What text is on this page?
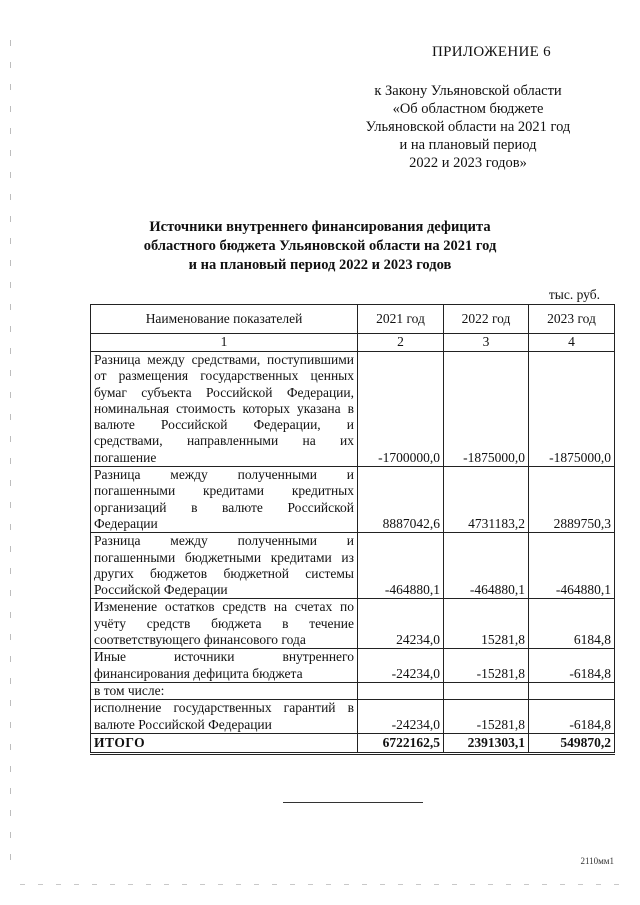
ПРИЛОЖЕНИЕ 6
к Закону Ульяновской области
«Об областном бюджете
Ульяновской области на 2021 год
и на плановый период
2022 и 2023 годов»
Источники внутреннего финансирования дефицита
областного бюджета Ульяновской области на 2021 год
и на плановый период 2022 и 2023 годов
тыс. руб.
Наименование показателей	2021 год	2022 год	2023 год
1	2	3	4
Разница между средствами, поступившими от размещения государственных ценных бумаг субъекта Российской Федерации, номинальная стоимость которых указана в валюте Российской Федерации, и средствами, направленными на их погашение	-1700000,0	-1875000,0	-1875000,0
Разница между полученными и погашенными кредитами кредитных организаций в валюте Российской Федерации	8887042,6	4731183,2	2889750,3
Разница между полученными и погашенными бюджетными кредитами из других бюджетов бюджетной системы Российской Федерации	-464880,1	-464880,1	-464880,1
Изменение остатков средств на счетах по учёту средств бюджета в течение соответствующего финансового года	24234,0	15281,8	6184,8
Иные источники внутреннего финансирования дефицита бюджета	-24234,0	-15281,8	-6184,8
в том числе:			
исполнение государственных гарантий в валюте Российской Федерации	-24234,0	-15281,8	-6184,8
ИТОГО	6722162,5	2391303,1	549870,2
2110мм1
